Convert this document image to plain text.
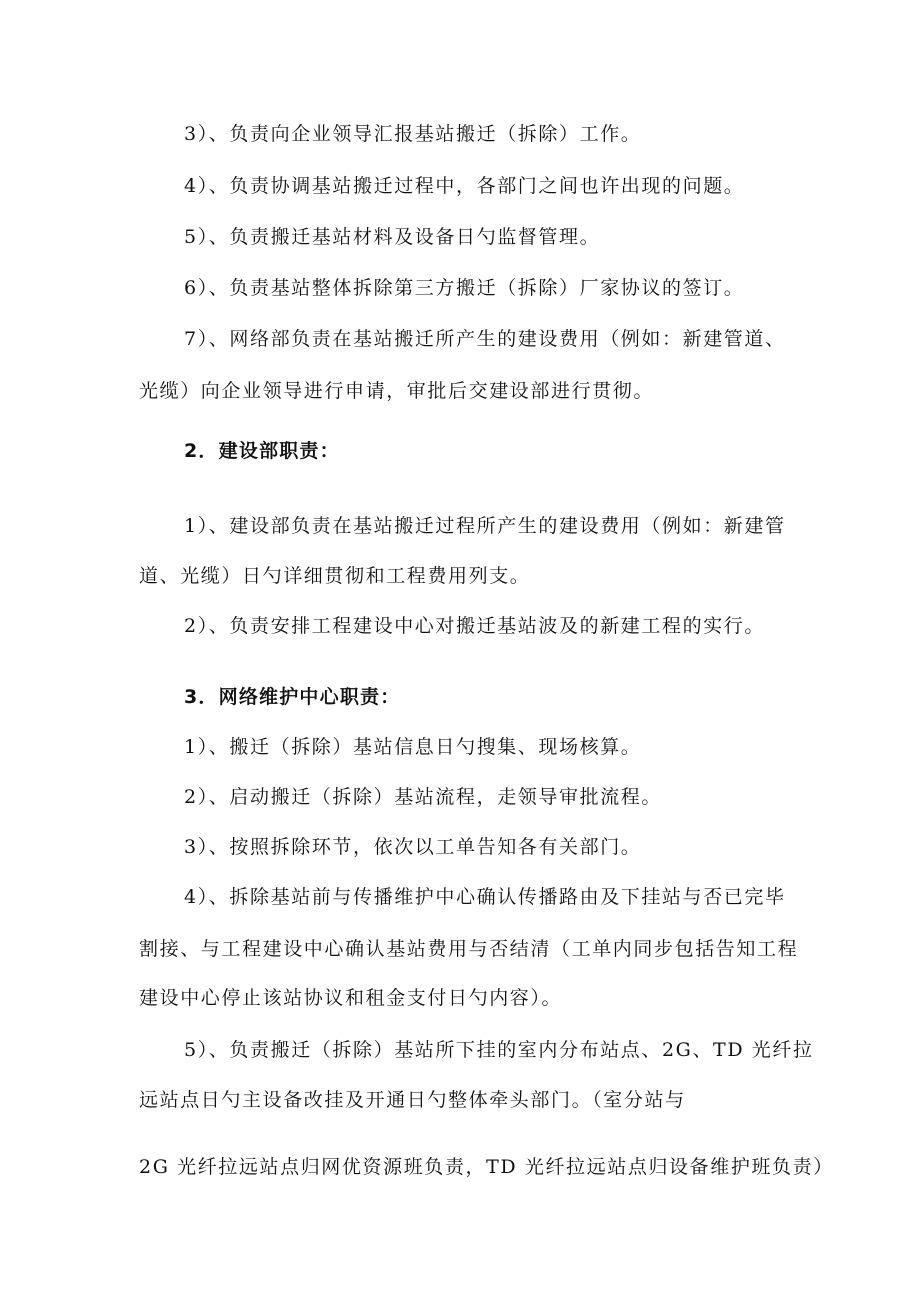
3）、负责向企业领导汇报基站搬迁（拆除）工作。

4）、负责协调基站搬迁过程中，各部门之间也许出现的问题。

5）、负责搬迁基站材料及设备日勺监督管理。

6）、负责基站整体拆除第三方搬迁（拆除）厂家协议的签订。

7）、网络部负责在基站搬迁所产生的建设费用（例如：新建管道、

光缆）向企业领导进行申请，审批后交建设部进行贯彻。

2．建设部职责：

1）、建设部负责在基站搬迁过程所产生的建设费用（例如：新建管

道、光缆）日勺详细贯彻和工程费用列支。

2）、负责安排工程建设中心对搬迁基站波及的新建工程的实行。

3．网络维护中心职责：

1）、搬迁（拆除）基站信息日勺搜集、现场核算。

2）、启动搬迁（拆除）基站流程，走领导审批流程。

3）、按照拆除环节，依次以工单告知各有关部门。

4）、拆除基站前与传播维护中心确认传播路由及下挂站与否已完毕

割接、与工程建设中心确认基站费用与否结清（工单内同步包括告知工程

建设中心停止该站协议和租金支付日勺内容）。

5）、负责搬迁（拆除）基站所下挂的室内分布站点、2G、TD 光纤拉

远站点日勺主设备改挂及开通日勺整体牵头部门。（室分站与

2G 光纤拉远站点归网优资源班负责，TD 光纤拉远站点归设备维护班负责）
